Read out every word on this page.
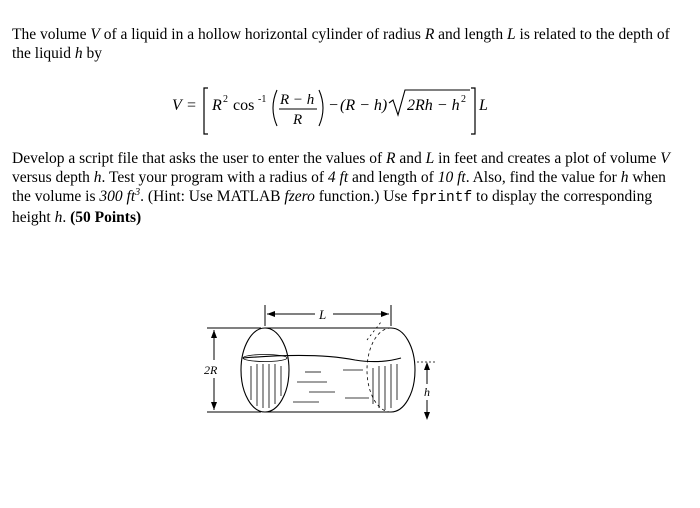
The volume V of a liquid in a hollow horizontal cylinder of radius R and length L is related to the depth of the liquid h by
V = R 2 cos -1 R − h
R
− (R − h) 2Rh − h 2 L
Develop a script file that asks the user to enter the values of R and L in feet and creates a plot of volume V versus depth h. Test your program with a radius of 4 ft and length of 10 ft. Also, find the value for h when the volume is 300 $ft^3$. (Hint: Use MATLAB fzero function.) Use fprintf to display the corresponding height h. (50 Points)
L
2R
h
